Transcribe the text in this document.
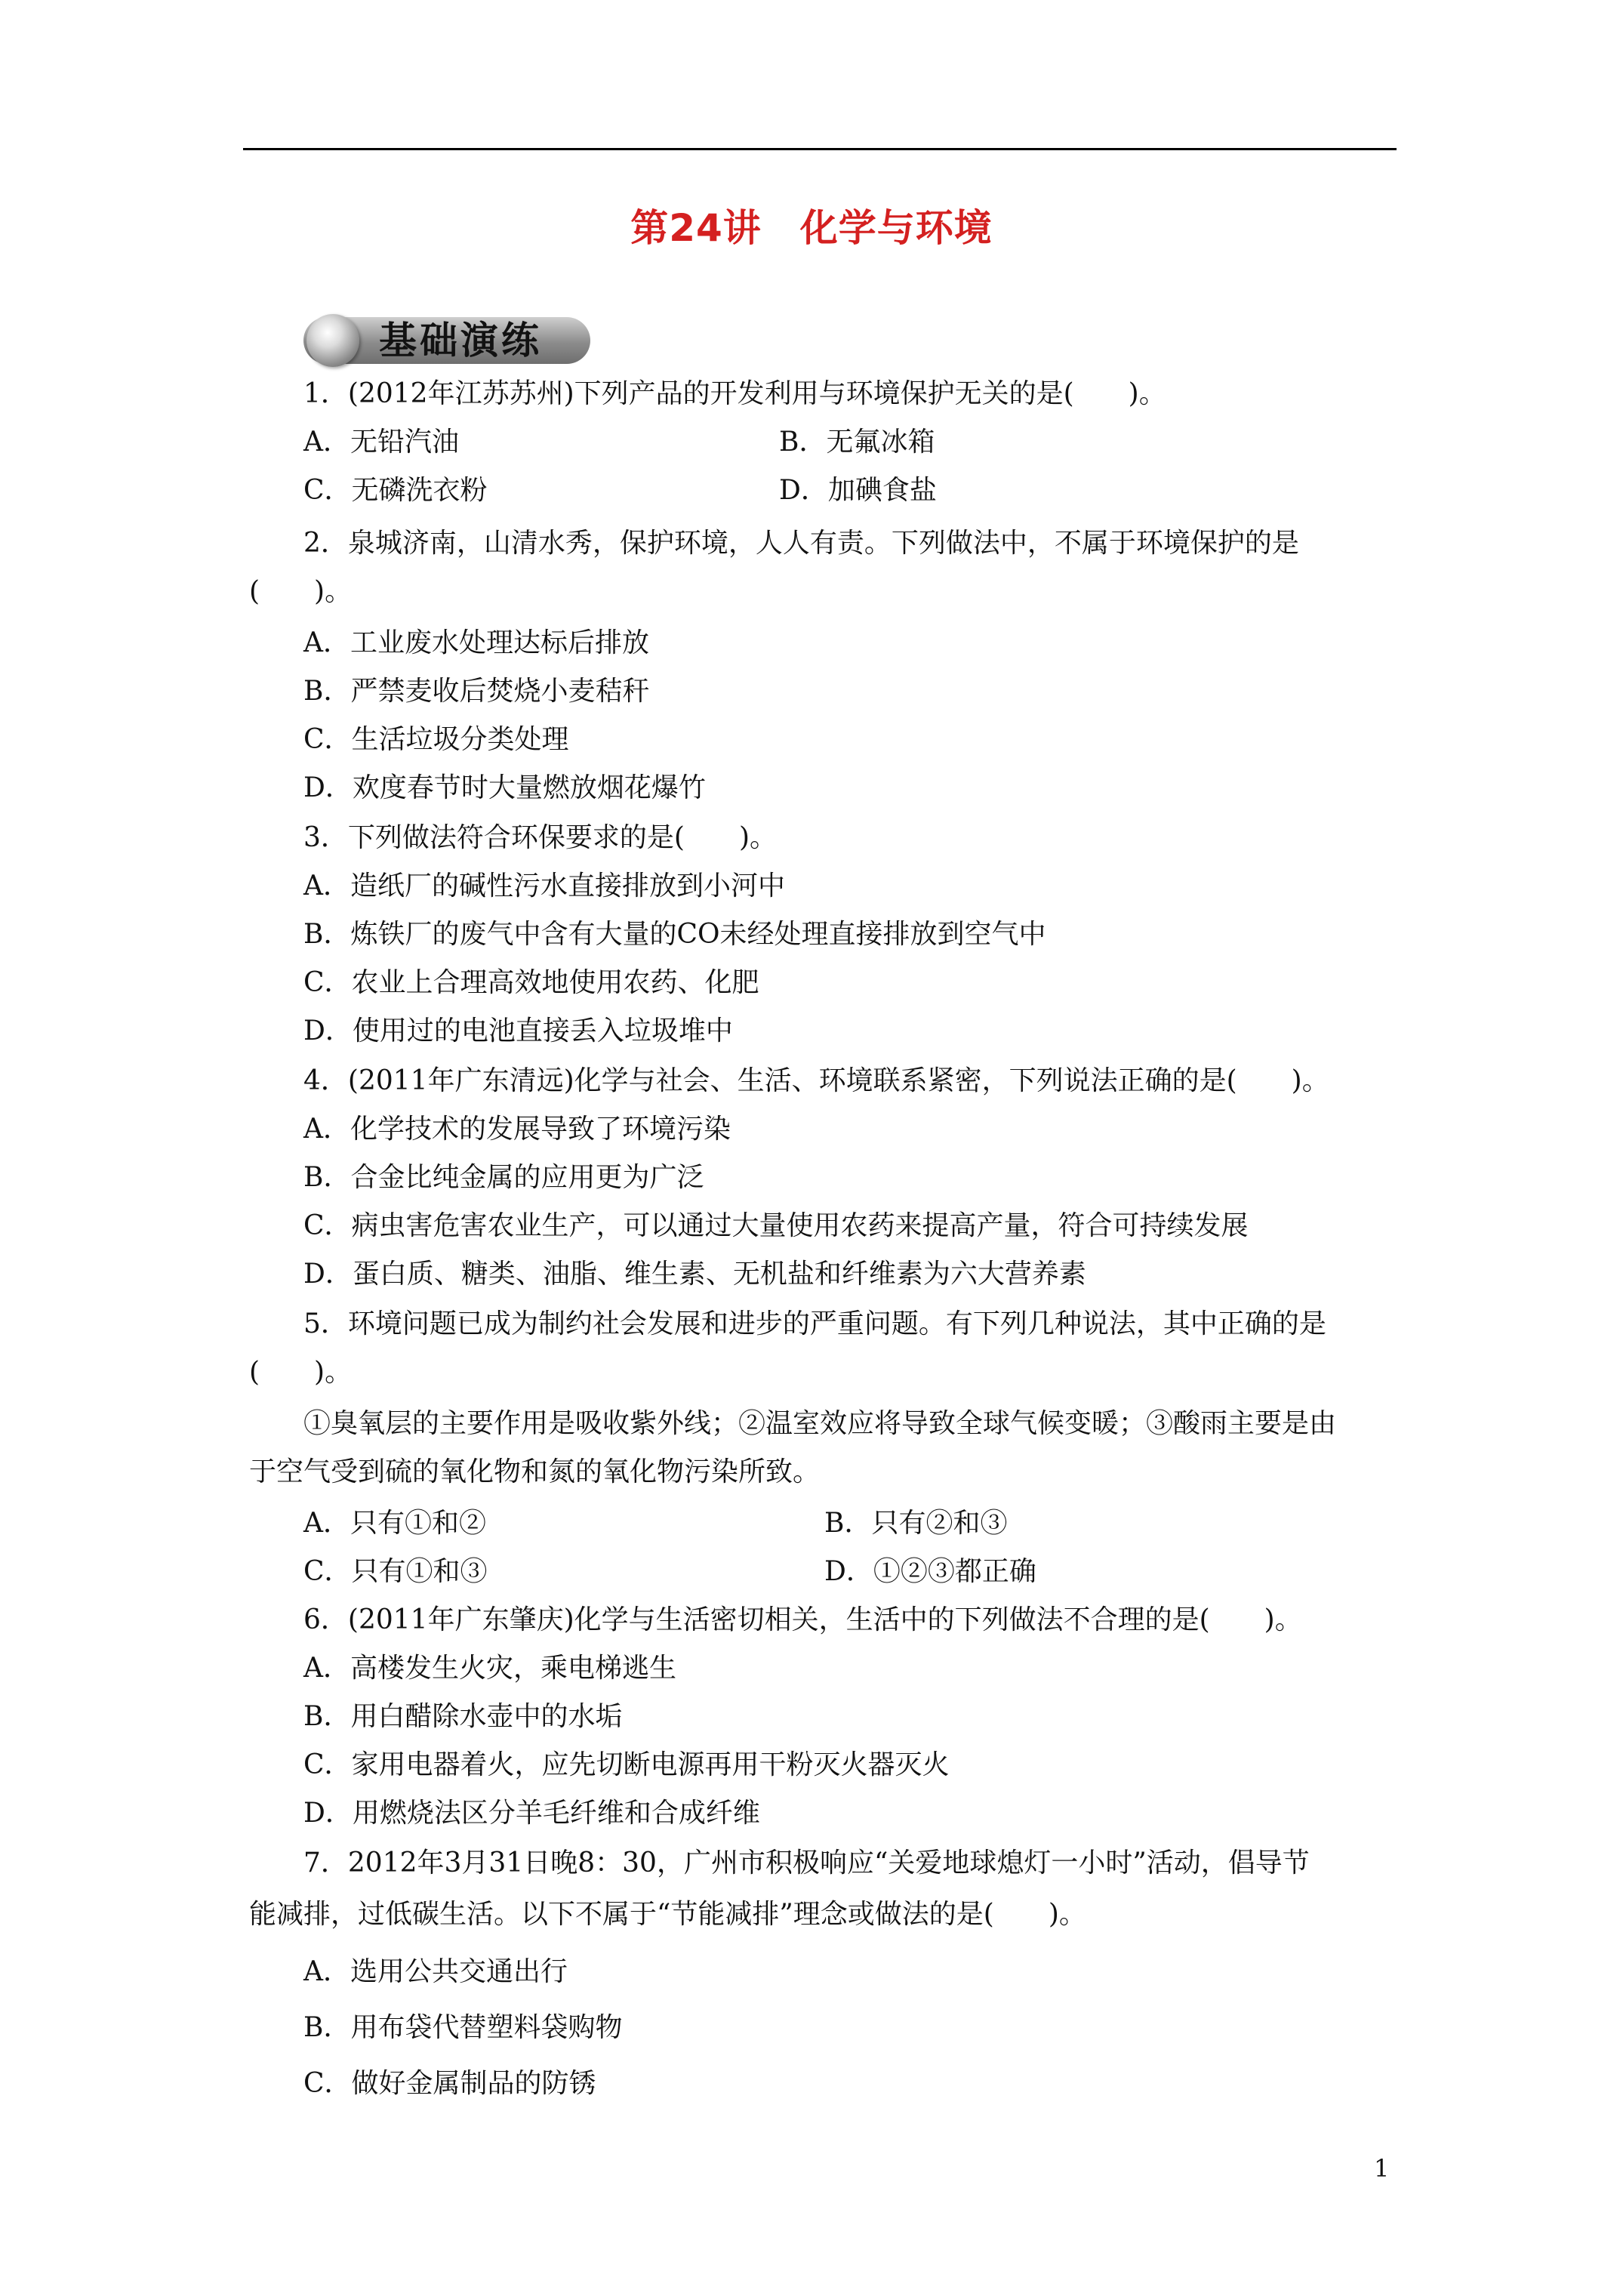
第24讲　化学与环境
基础演练
1．(2012年江苏苏州)下列产品的开发利用与环境保护无关的是(　　)。
A．无铅汽油	B．无氟冰箱
C．无磷洗衣粉	D．加碘食盐
2．泉城济南，山清水秀，保护环境，人人有责。下列做法中，不属于环境保护的是
(　　)。
A．工业废水处理达标后排放
B．严禁麦收后焚烧小麦秸秆
C．生活垃圾分类处理
D．欢度春节时大量燃放烟花爆竹
3．下列做法符合环保要求的是(　　)。
A．造纸厂的碱性污水直接排放到小河中
B．炼铁厂的废气中含有大量的CO未经处理直接排放到空气中
C．农业上合理高效地使用农药、化肥
D．使用过的电池直接丢入垃圾堆中
4．(2011年广东清远)化学与社会、生活、环境联系紧密，下列说法正确的是(　　)。
A．化学技术的发展导致了环境污染
B．合金比纯金属的应用更为广泛
C．病虫害危害农业生产，可以通过大量使用农药来提高产量，符合可持续发展
D．蛋白质、糖类、油脂、维生素、无机盐和纤维素为六大营养素
5．环境问题已成为制约社会发展和进步的严重问题。有下列几种说法，其中正确的是
(　　)。
①臭氧层的主要作用是吸收紫外线；②温室效应将导致全球气候变暖；③酸雨主要是由
于空气受到硫的氧化物和氮的氧化物污染所致。
A．只有①和②	B．只有②和③
C．只有①和③	D．①②③都正确
6．(2011年广东肇庆)化学与生活密切相关，生活中的下列做法不合理的是(　　)。
A．高楼发生火灾，乘电梯逃生
B．用白醋除水壶中的水垢
C．家用电器着火，应先切断电源再用干粉灭火器灭火
D．用燃烧法区分羊毛纤维和合成纤维
7．2012年3月31日晚8：30，广州市积极响应“关爱地球熄灯一小时”活动，倡导节
能减排，过低碳生活。以下不属于“节能减排”理念或做法的是(　　)。
A．选用公共交通出行
B．用布袋代替塑料袋购物
C．做好金属制品的防锈
1
